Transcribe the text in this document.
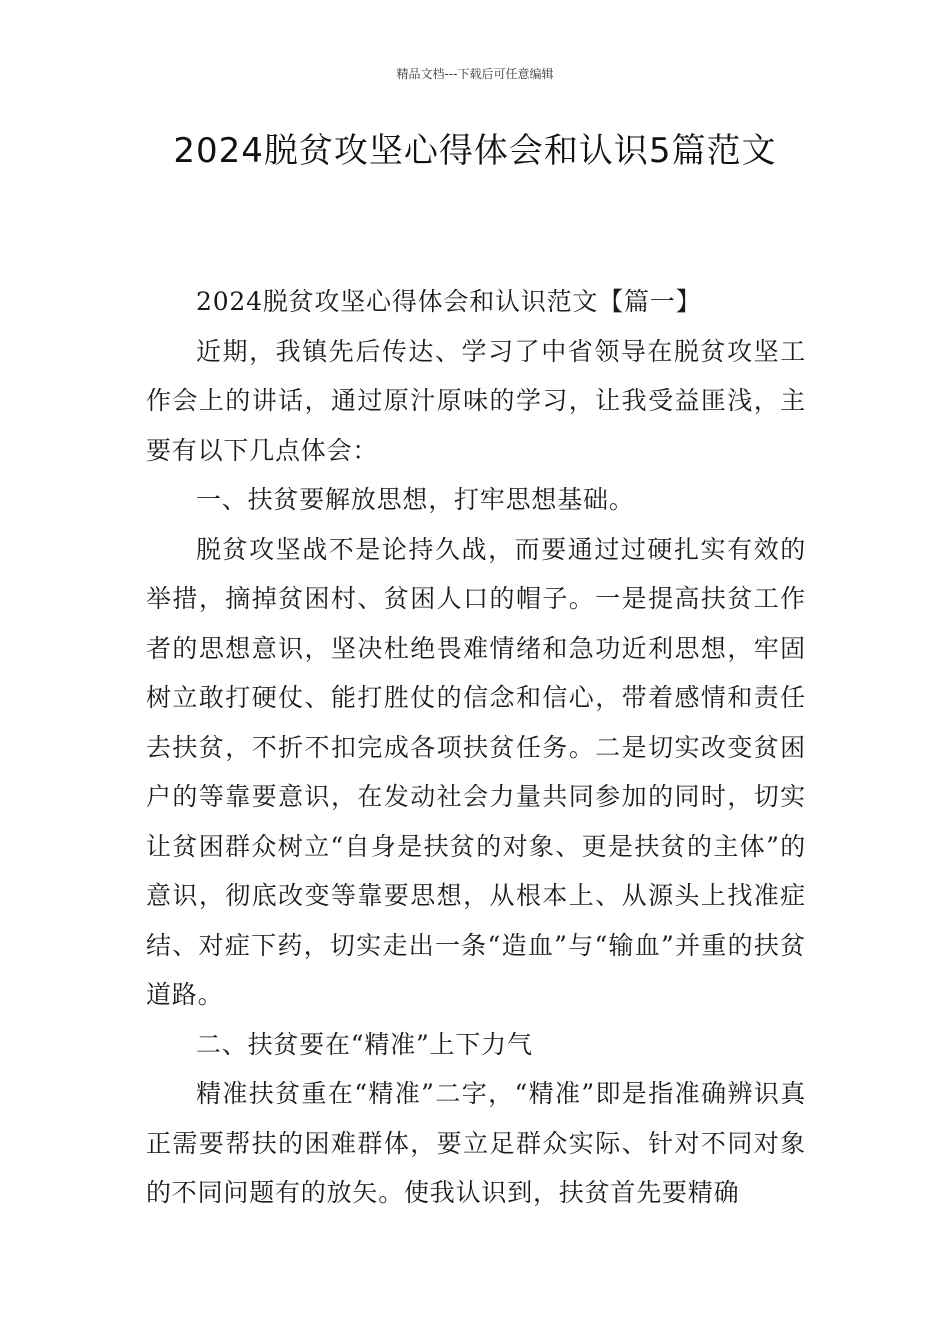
精品文档---下载后可任意编辑
2024脱贫攻坚心得体会和认识5篇范文

2024脱贫攻坚心得体会和认识范文【篇一】

近期，我镇先后传达、学习了中省领导在脱贫攻坚工作会上的讲话，通过原汁原味的学习，让我受益匪浅，主要有以下几点体会：

一、扶贫要解放思想，打牢思想基础。

脱贫攻坚战不是论持久战，而要通过过硬扎实有效的举措，摘掉贫困村、贫困人口的帽子。一是提高扶贫工作者的思想意识，坚决杜绝畏难情绪和急功近利思想，牢固树立敢打硬仗、能打胜仗的信念和信心，带着感情和责任去扶贫，不折不扣完成各项扶贫任务。二是切实改变贫困户的等靠要意识，在发动社会力量共同参加的同时，切实让贫困群众树立“自身是扶贫的对象、更是扶贫的主体”的意识，彻底改变等靠要思想，从根本上、从源头上找准症结、对症下药，切实走出一条“造血”与“输血”并重的扶贫道路。

二、扶贫要在“精准”上下力气

精准扶贫重在“精准”二字，“精准”即是指准确辨识真正需要帮扶的困难群体，要立足群众实际、针对不同对象的不同问题有的放矢。使我认识到，扶贫首先要精确
